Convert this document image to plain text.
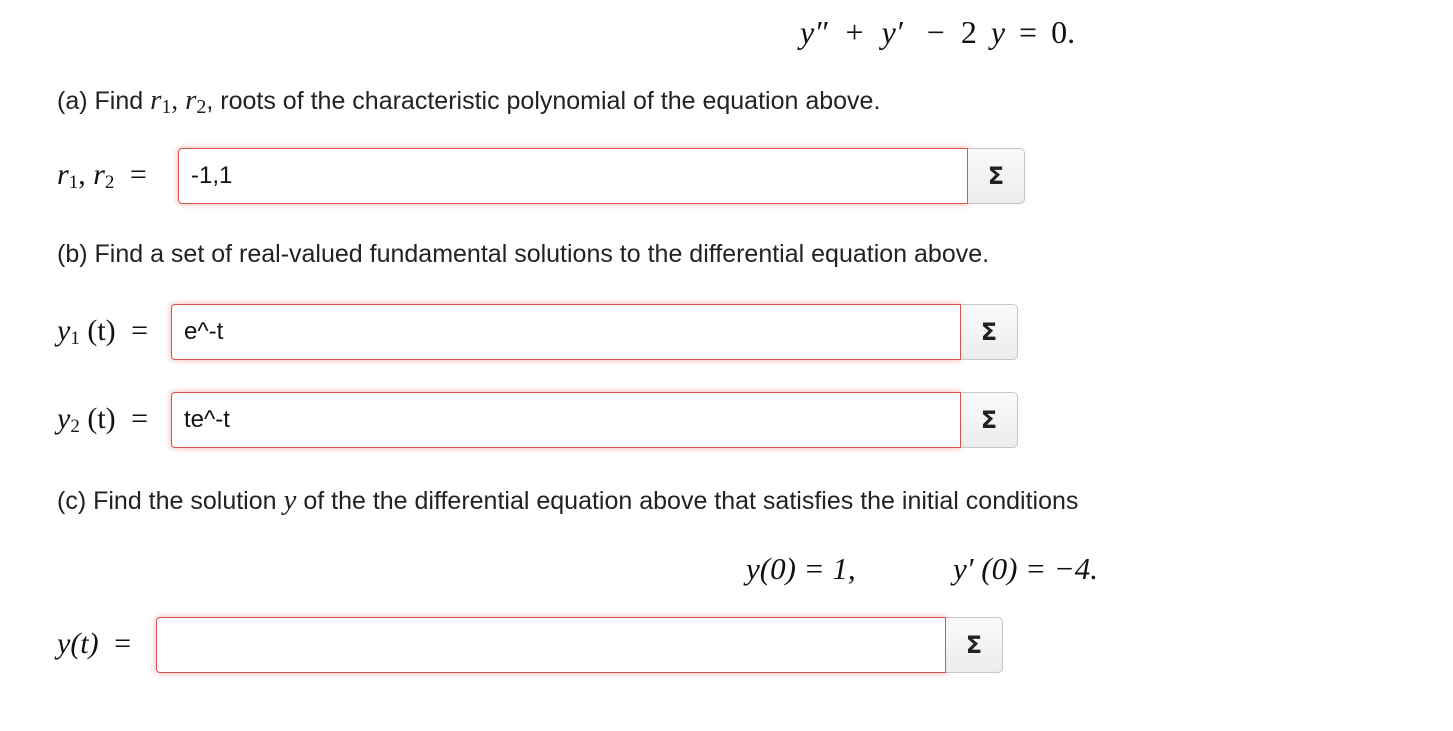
y″ + y′ − 2 y = 0.
(a) Find r1, r2, roots of the characteristic polynomial of the equation above.
$r_1$, $r_2$ =	-1,1	Σ
(b) Find a set of real-valued fundamental solutions to the differential equation above.
$y_1$ (t) =	e^-t	Σ
$y_2$ (t) =	te^-t	Σ
(c) Find the solution y of the the differential equation above that satisfies the initial conditions
y(0) = 1,	y′ (0) = −4.
y(t) =	Σ
